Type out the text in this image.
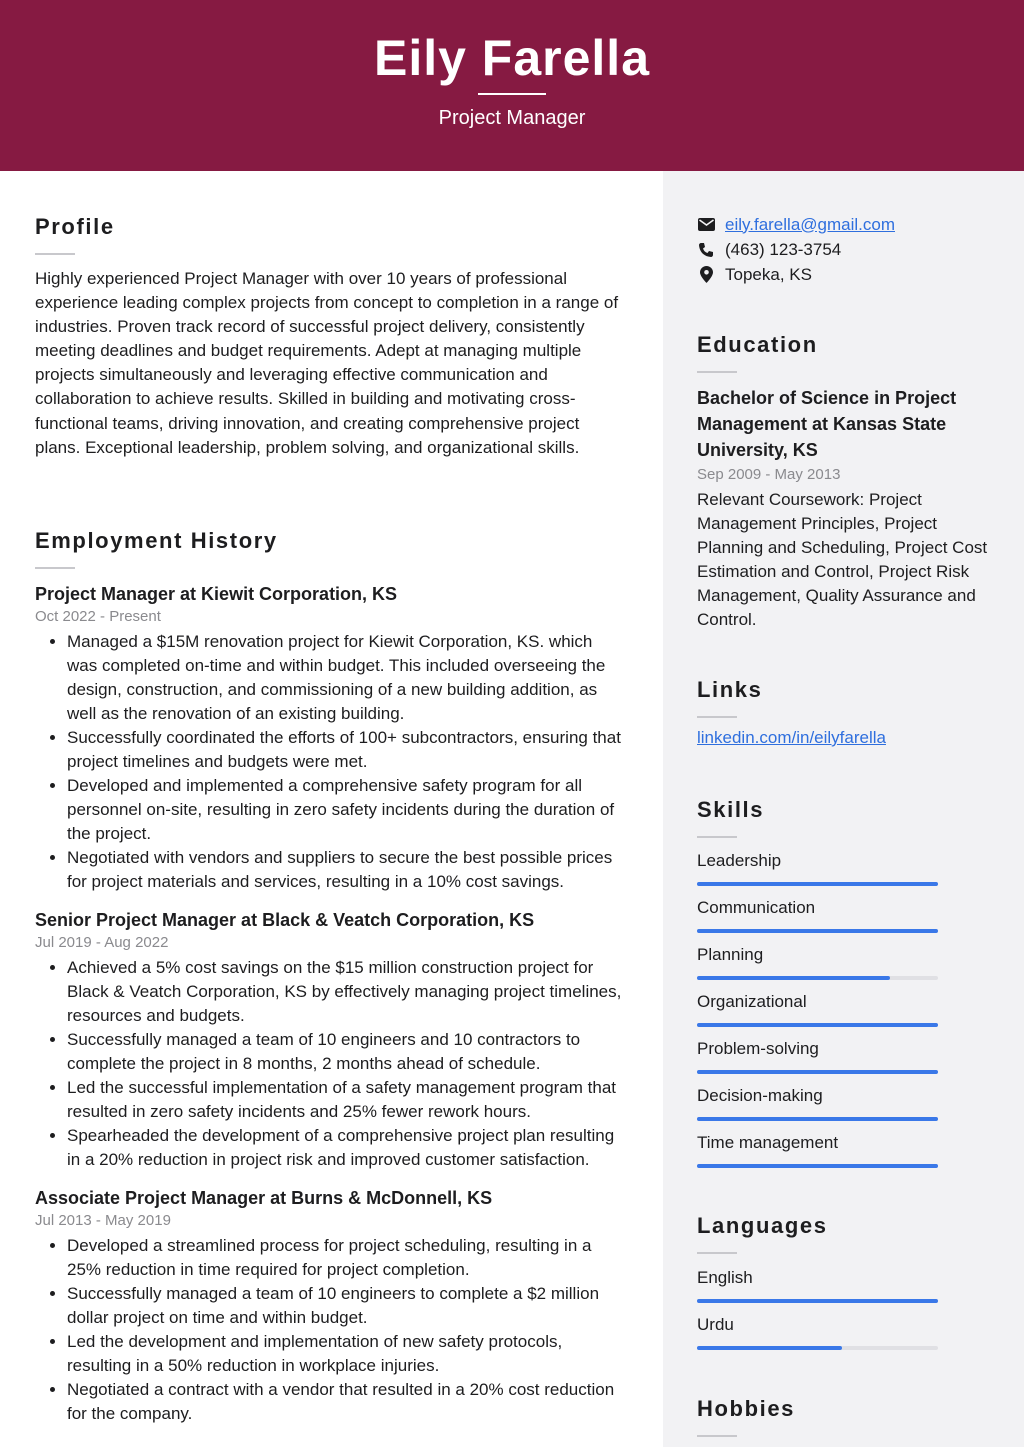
Eily Farella
Project Manager
Profile
Highly experienced Project Manager with over 10 years of professional experience leading complex projects from concept to completion in a range of industries. Proven track record of successful project delivery, consistently meeting deadlines and budget requirements. Adept at managing multiple projects simultaneously and leveraging effective communication and collaboration to achieve results. Skilled in building and motivating cross-functional teams, driving innovation, and creating comprehensive project plans. Exceptional leadership, problem solving, and organizational skills.
Employment History
Project Manager at Kiewit Corporation, KS
Oct 2022 - Present
• Managed a $15M renovation project for Kiewit Corporation, KS. which was completed on-time and within budget. This included overseeing the design, construction, and commissioning of a new building addition, as well as the renovation of an existing building.
• Successfully coordinated the efforts of 100+ subcontractors, ensuring that project timelines and budgets were met.
• Developed and implemented a comprehensive safety program for all personnel on-site, resulting in zero safety incidents during the duration of the project.
• Negotiated with vendors and suppliers to secure the best possible prices for project materials and services, resulting in a 10% cost savings.
Senior Project Manager at Black & Veatch Corporation, KS
Jul 2019 - Aug 2022
• Achieved a 5% cost savings on the $15 million construction project for Black & Veatch Corporation, KS by effectively managing project timelines, resources and budgets.
• Successfully managed a team of 10 engineers and 10 contractors to complete the project in 8 months, 2 months ahead of schedule.
• Led the successful implementation of a safety management program that resulted in zero safety incidents and 25% fewer rework hours.
• Spearheaded the development of a comprehensive project plan resulting in a 20% reduction in project risk and improved customer satisfaction.
Associate Project Manager at Burns & McDonnell, KS
Jul 2013 - May 2019
• Developed a streamlined process for project scheduling, resulting in a 25% reduction in time required for project completion.
• Successfully managed a team of 10 engineers to complete a $2 million dollar project on time and within budget.
• Led the development and implementation of new safety protocols, resulting in a 50% reduction in workplace injuries.
• Negotiated a contract with a vendor that resulted in a 20% cost reduction for the company.
eily.farella@gmail.com
(463) 123-3754
Topeka, KS
Education
Bachelor of Science in Project Management at Kansas State University, KS
Sep 2009 - May 2013
Relevant Coursework: Project Management Principles, Project Planning and Scheduling, Project Cost Estimation and Control, Project Risk Management, Quality Assurance and Control.
Links
linkedin.com/in/eilyfarella
Skills
Leadership
Communication
Planning
Organizational
Problem-solving
Decision-making
Time management
Languages
English
Urdu
Hobbies
